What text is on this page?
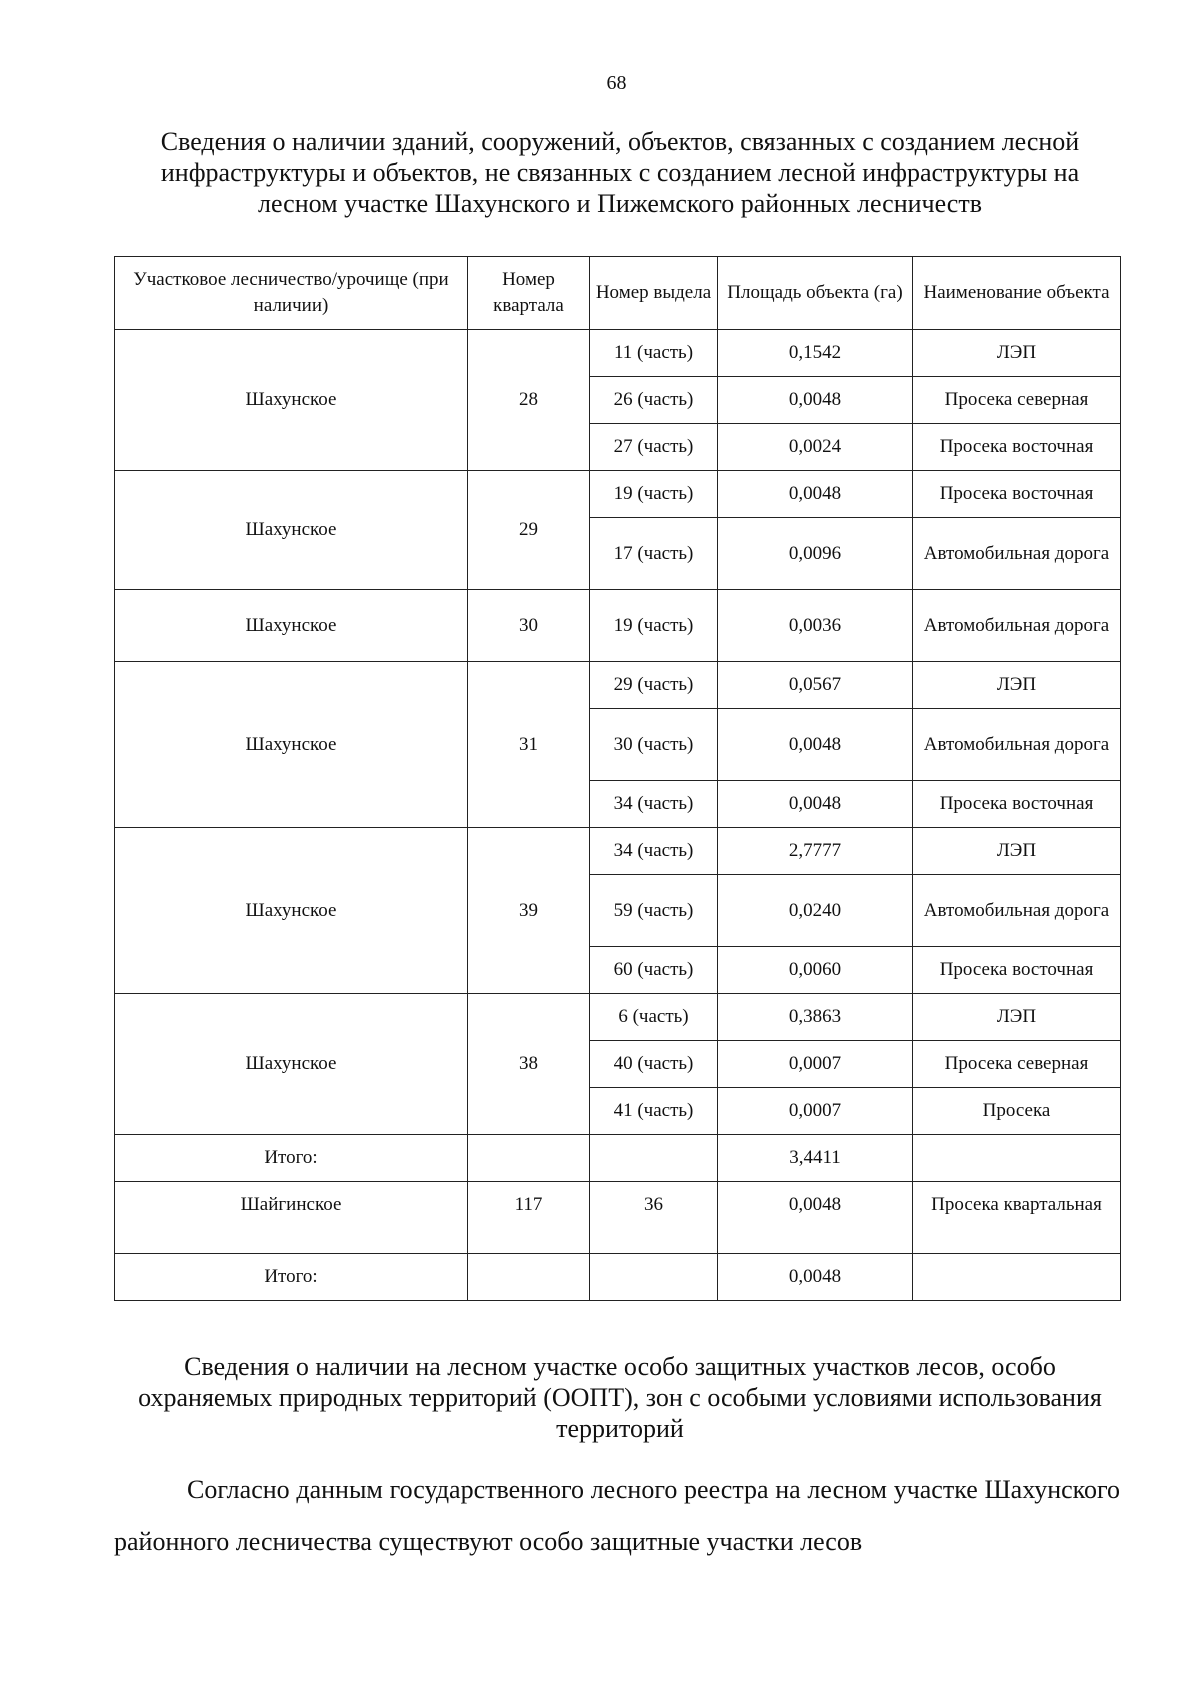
68
Сведения о наличии зданий, сооружений, объектов, связанных с созданием лесной инфраструктуры и объектов, не связанных с созданием лесной инфраструктуры на лесном участке Шахунского и Пижемского районных лесничеств
Участковое лесничество/урочище (при наличии)	Номер квартала	Номер выдела	Площадь объекта (га)	Наименование объекта
Шахунское	28	11 (часть)	0,1542	ЛЭП
		26 (часть)	0,0048	Просека северная
		27 (часть)	0,0024	Просека восточная
Шахунское	29	19 (часть)	0,0048	Просека восточная
		17 (часть)	0,0096	Автомобильная дорога
Шахунское	30	19 (часть)	0,0036	Автомобильная дорога
Шахунское	31	29 (часть)	0,0567	ЛЭП
		30 (часть)	0,0048	Автомобильная дорога
		34 (часть)	0,0048	Просека восточная
Шахунское	39	34 (часть)	2,7777	ЛЭП
		59 (часть)	0,0240	Автомобильная дорога
		60 (часть)	0,0060	Просека восточная
Шахунское	38	6 (часть)	0,3863	ЛЭП
		40 (часть)	0,0007	Просека северная
		41 (часть)	0,0007	Просека
Итого:			3,4411	
Шайгинское	117	36	0,0048	Просека квартальная
Итого:			0,0048	
Сведения о наличии на лесном участке особо защитных участков лесов, особо охраняемых природных территорий (ООПТ), зон с особыми условиями использования территорий
Согласно данным государственного лесного реестра на лесном участке Шахунского районного лесничества существуют особо защитные участки лесов
